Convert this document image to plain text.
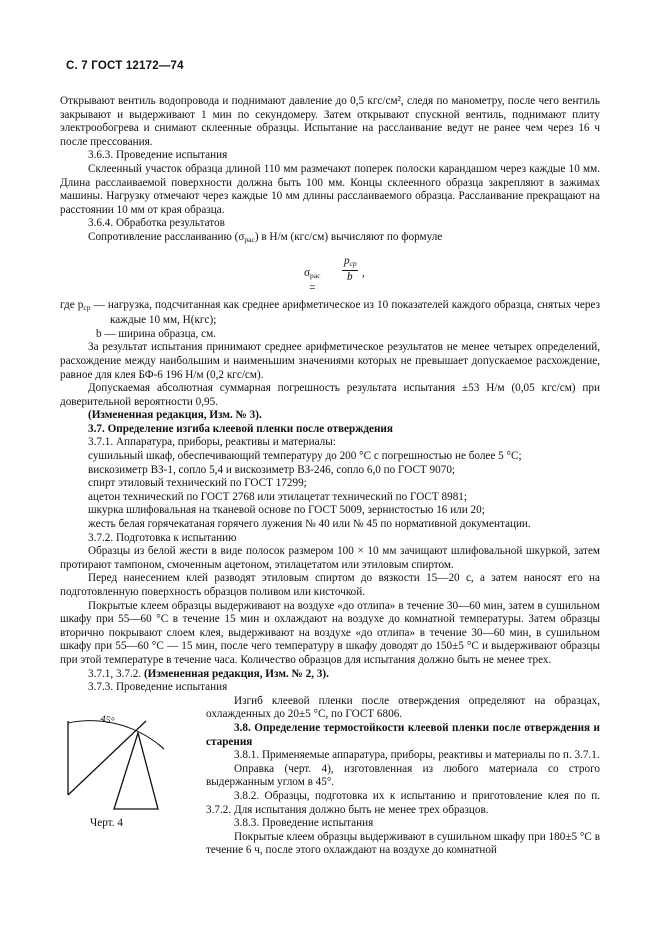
С. 7 ГОСТ 12172—74

Открывают вентиль водопровода и поднимают давление до 0,5 кгс/см², следя по манометру, после чего вентиль закрывают и выдерживают 1 мин по секундомеру. Затем открывают спускной вентиль, поднимают плиту электрообогрева и снимают склеенные образцы. Испытание на расслаивание ведут не ранее чем через 16 ч после прессования.

3.6.3. Проведение испытания

Склеенный участок образца длиной 110 мм размечают поперек полоски карандашом через каждые 10 мм. Длина расслаиваемой поверхности должна быть 100 мм. Концы склеенного образца закрепляют в зажимах машины. Нагрузку отмечают через каждые 10 мм длины расслаиваемого образца. Расслаивание прекращают на расстоянии 10 мм от края образца.

3.6.4. Обработка результатов

Сопротивление расслаиванию $(\sigma_{рас})$ в Н/м (кгс/см) вычисляют по формуле

$\sigma_{рас}$ =
$p_{ср}$
b ,

где $p_{ср}$ — нагрузка, подсчитанная как среднее арифметическое из 10 показателей каждого образца, снятых через каждые 10 мм, Н(кгс);

b — ширина образца, см.

За результат испытания принимают среднее арифметическое результатов не менее четырех определений, расхождение между наибольшим и наименьшим значениями которых не превышает допускаемое расхождение, равное для клея БФ-6 196 Н/м (0,2 кгс/см).

Допускаемая абсолютная суммарная погрешность результата испытания ±53 Н/м (0,05 кгс/см) при доверительной вероятности 0,95.

(Измененная редакция, Изм. № 3).

3.7. Определение изгиба клеевой пленки после отверждения

3.7.1. Аппаратура, приборы, реактивы и материалы:

сушильный шкаф, обеспечивающий температуру до 200 °С с погрешностью не более 5 °С;

вискозиметр ВЗ-1, сопло 5,4 и вискозиметр ВЗ-246, сопло 6,0 по ГОСТ 9070;

спирт этиловый технический по ГОСТ 17299;

ацетон технический по ГОСТ 2768 или этилацетат технический по ГОСТ 8981;

шкурка шлифовальная на тканевой основе по ГОСТ 5009, зернистостью 16 или 20;

жесть белая горячекатаная горячего лужения № 40 или № 45 по нормативной документации.

3.7.2. Подготовка к испытанию

Образцы из белой жести в виде полосок размером 100 × 10 мм зачищают шлифовальной шкуркой, затем протирают тампоном, смоченным ацетоном, этилацетатом или этиловым спиртом.

Перед нанесением клей разводят этиловым спиртом до вязкости 15—20 с, а затем наносят его на подготовленную поверхность образцов поливом или кисточкой.

Покрытые клеем образцы выдерживают на воздухе «до отлипа» в течение 30—60 мин, затем в сушильном шкафу при 55—60 °С в течение 15 мин и охлаждают на воздухе до комнатной температуры. Затем образцы вторично покрывают слоем клея, выдерживают на воздухе «до отлипа» в течение 30—60 мин, в сушильном шкафу при 55—60 °С — 15 мин, после чего температуру в шкафу доводят до 150±5 °С и выдерживают образцы при этой температуре в течение часа. Количество образцов для испытания должно быть не менее трех.

3.7.1, 3.7.2. (Измененная редакция, Изм. № 2, 3).

3.7.3. Проведение испытания

45°
Черт. 4

Изгиб клеевой пленки после отверждения определяют на образцах, охлажденных до 20±5 °С, по ГОСТ 6806.

3.8. Определение термостойкости клеевой пленки после отверждения и старения

3.8.1. Применяемые аппаратура, приборы, реактивы и материалы по п. 3.7.1.

Оправка (черт. 4), изготовленная из любого материала со строго выдержанным углом в 45°.

3.8.2. Образцы, подготовка их к испытанию и приготовление клея по п. 3.7.2. Для испытания должно быть не менее трех образцов.

3.8.3. Проведение испытания

Покрытые клеем образцы выдерживают в сушильном шкафу при 180±5 °С в течение 6 ч, после этого охлаждают на воздухе до комнатной
